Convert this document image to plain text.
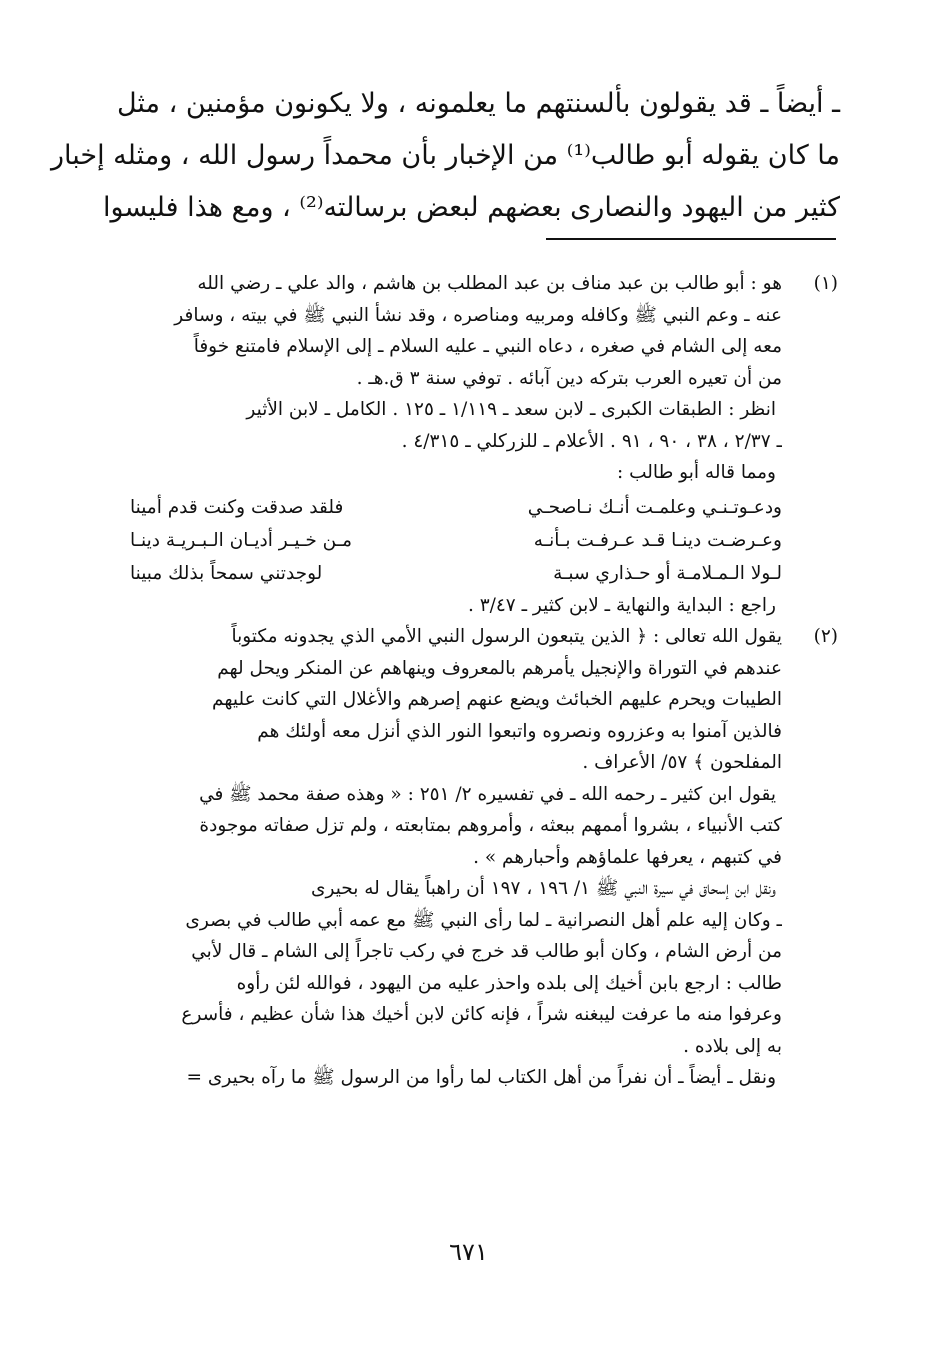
ـ أيضاً ـ قد يقولون بألسنتهم ما يعلمونه ، ولا يكونون مؤمنين ، مثل
ما كان يقوله أبو طالب⁽¹⁾ من الإخبار بأن محمداً رسول الله ، ومثله إخبار
كثير من اليهود والنصارى بعضهم لبعض برسالته⁽²⁾ ، ومع هذا فليسوا
(١)
هو : أبو طالب بن عبد مناف بن عبد المطلب بن هاشم ، والد علي ـ رضي الله
عنه ـ وعم النبي ﷺ وكافله ومربيه ومناصره ، وقد نشأ النبي ﷺ في بيته ، وسافر
معه إلى الشام في صغره ، دعاه النبي ـ عليه السلام ـ إلى الإسلام فامتنع خوفاً
من أن تعيره العرب بتركه دين آبائه . توفي سنة ٣ ق.هـ .
انظر : الطبقات الكبرى ـ لابن سعد ـ ١/١١٩ ـ ١٢٥ . الكامل ـ لابن الأثير
ـ ٢/٣٧ ، ٣٨ ، ٩٠ ، ٩١ . الأعلام ـ للزركلي ـ ٤/٣١٥ .
ومما قاله أبو طالب :
ودعـوتـنـي وعلمـت أنـك نـاصحـي
فلقد صدقت وكنت قدم أمينا
وعـرضـت دينـا قـد عـرفـت بـأنـه
مـن خـيـر أديـان الـبـريـة دينـا
لـولا الـمـلامـة أو حـذاري سبـة
لوجدتني سمحاً بذلك مبينا
راجع : البداية والنهاية ـ لابن كثير ـ ٣/٤٧ .
(٢)
يقول الله تعالى : ﴿ الذين يتبعون الرسول النبي الأمي الذي يجدونه مكتوباً
عندهم في التوراة والإنجيل يأمرهم بالمعروف وينهاهم عن المنكر ويحل لهم
الطيبات ويحرم عليهم الخبائث ويضع عنهم إصرهم والأغلال التي كانت عليهم
فالذين آمنوا به وعزروه ونصروه واتبعوا النور الذي أنزل معه أولئك هم
المفلحون ﴾ ٥٧/ الأعراف .
يقول ابن كثير ـ رحمه الله ـ في تفسيره ٢/ ٢٥١ : « وهذه صفة محمد ﷺ في
كتب الأنبياء ، بشروا أممهم ببعثه ، وأمروهم بمتابعته ، ولم تزل صفاته موجودة
في كتبهم ، يعرفها علماؤهم وأحبارهم » .
ونقل ابن إسحاق في سيرة النبي ﷺ ١/ ١٩٦ ، ١٩٧ أن راهباً يقال له بحيرى
ـ وكان إليه علم أهل النصرانية ـ لما رأى النبي ﷺ مع عمه أبي طالب في بصرى
من أرض الشام ، وكان أبو طالب قد خرج في ركب تاجراً إلى الشام ـ قال لأبي
طالب : ارجع بابن أخيك إلى بلده واحذر عليه من اليهود ، فوالله لئن رأوه
وعرفوا منه ما عرفت ليبغنه شراً ، فإنه كائن لابن أخيك هذا شأن عظيم ، فأسرع
به إلى بلاده .
ونقل ـ أيضاً ـ أن نفراً من أهل الكتاب لما رأوا من الرسول ﷺ ما رآه بحيرى =
٦٧١
